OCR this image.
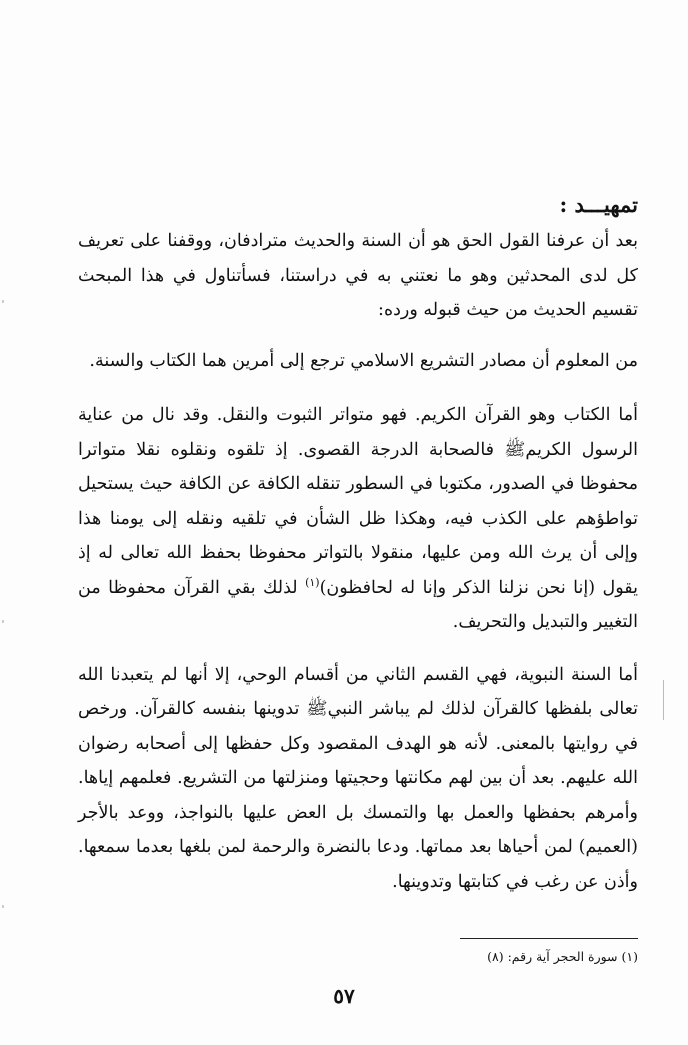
تمهيـــد :

بعد أن عرفنا القول الحق هو أن السنة والحديث مترادفان، ووقفنا على تعريف كل لدى المحدثين وهو ما نعتني به في دراستنا، فسأتناول في هذا المبحث تقسيم الحديث من حيث قبوله ورده:

من المعلوم أن مصادر التشريع الاسلامي ترجع إلى أمرين هما الكتاب والسنة.

أما الكتاب وهو القرآن الكريم. فهو متواتر الثبوت والنقل. وقد نال من عناية الرسول الكريمﷺ فالصحابة الدرجة القصوى. إذ تلقوه ونقلوه نقلا متواترا محفوظا في الصدور، مكتوبا في السطور تنقله الكافة عن الكافة حيث يستحيل تواطؤهم على الكذب فيه، وهكذا ظل الشأن في تلقيه ونقله إلى يومنا هذا وإلى أن يرث الله ومن عليها، منقولا بالتواتر محفوظا بحفظ الله تعالى له إذ يقول (إنا نحن نزلنا الذكر وإنا له لحافظون)$^{(١)}$ لذلك بقي القرآن محفوظا من التغيير والتبديل والتحريف.

أما السنة النبوية، فهي القسم الثاني من أقسام الوحي، إلا أنها لم يتعبدنا الله تعالى بلفظها كالقرآن لذلك لم يباشر النبيﷺ تدوينها بنفسه كالقرآن. ورخص في روايتها بالمعنى. لأنه هو الهدف المقصود وكل حفظها إلى أصحابه رضوان الله عليهم. بعد أن بين لهم مكانتها وحجيتها ومنزلتها من التشريع. فعلمهم إياها. وأمرهم بحفظها والعمل بها والتمسك بل العض عليها بالنواجذ، ووعد بالأجر (العميم) لمن أحياها بعد مماتها. ودعا بالنضرة والرحمة لمن بلغها بعدما سمعها. وأذن عن رغب في كتابتها وتدوينها.

(١) سورة الحجر آية رقم: (٨)
٥٧
